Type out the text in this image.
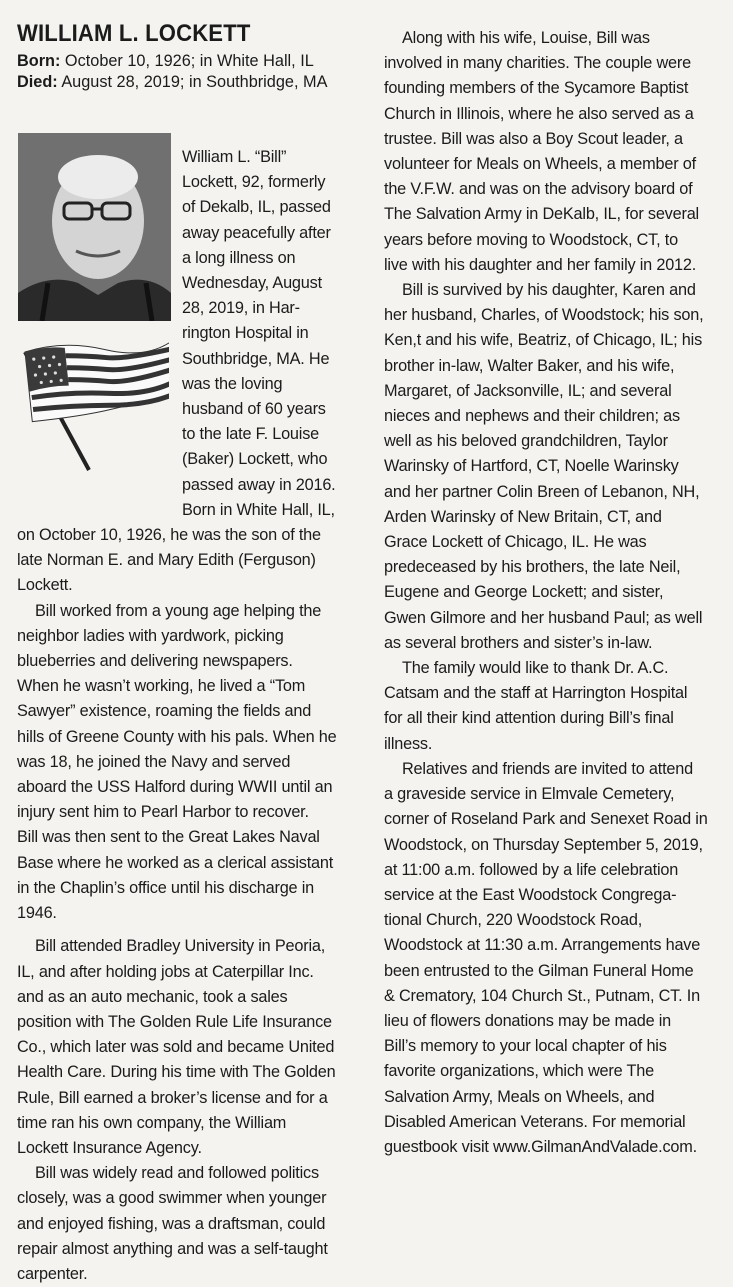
WILLIAM L. LOCKETT
Born: October 10, 1926; in White Hall, IL
Died: August 28, 2019; in Southbridge, MA
William L. “Bill”
Lockett, 92, formerly
of Dekalb, IL, passed
away peacefully after
a long illness on
Wednesday, August
28, 2019, in Har-
rington Hospital in
Southbridge, MA. He
was the loving
husband of 60 years
to the late F. Louise
(Baker) Lockett, who
passed away in 2016.
Born in White Hall, IL,
on October 10, 1926, he was the son of the
late Norman E. and Mary Edith (Ferguson)
Lockett.
Bill worked from a young age helping the
neighbor ladies with yardwork, picking
blueberries and delivering newspapers.
When he wasn’t working, he lived a “Tom
Sawyer” existence, roaming the fields and
hills of Greene County with his pals. When he
was 18, he joined the Navy and served
aboard the USS Halford during WWII until an
injury sent him to Pearl Harbor to recover.
Bill was then sent to the Great Lakes Naval
Base where he worked as a clerical assistant
in the Chaplin’s office until his discharge in
1946.
Bill attended Bradley University in Peoria,
IL, and after holding jobs at Caterpillar Inc.
and as an auto mechanic, took a sales
position with The Golden Rule Life Insurance
Co., which later was sold and became United
Health Care. During his time with The Golden
Rule, Bill earned a broker’s license and for a
time ran his own company, the William
Lockett Insurance Agency.
Bill was widely read and followed politics
closely, was a good swimmer when younger
and enjoyed fishing, was a draftsman, could
repair almost anything and was a self-taught
carpenter.
Along with his wife, Louise, Bill was
involved in many charities. The couple were
founding members of the Sycamore Baptist
Church in Illinois, where he also served as a
trustee. Bill was also a Boy Scout leader, a
volunteer for Meals on Wheels, a member of
the V.F.W. and was on the advisory board of
The Salvation Army in DeKalb, IL, for several
years before moving to Woodstock, CT, to
live with his daughter and her family in 2012.
Bill is survived by his daughter, Karen and
her husband, Charles, of Woodstock; his son,
Ken,t and his wife, Beatriz, of Chicago, IL; his
brother in-law, Walter Baker, and his wife,
Margaret, of Jacksonville, IL; and several
nieces and nephews and their children; as
well as his beloved grandchildren, Taylor
Warinsky of Hartford, CT, Noelle Warinsky
and her partner Colin Breen of Lebanon, NH,
Arden Warinsky of New Britain, CT, and
Grace Lockett of Chicago, IL. He was
predeceased by his brothers, the late Neil,
Eugene and George Lockett; and sister,
Gwen Gilmore and her husband Paul; as well
as several brothers and sister’s in-law.
The family would like to thank Dr. A.C.
Catsam and the staff at Harrington Hospital
for all their kind attention during Bill’s final
illness.
Relatives and friends are invited to attend
a graveside service in Elmvale Cemetery,
corner of Roseland Park and Senexet Road in
Woodstock, on Thursday September 5, 2019,
at 11:00 a.m. followed by a life celebration
service at the East Woodstock Congrega-
tional Church, 220 Woodstock Road,
Woodstock at 11:30 a.m. Arrangements have
been entrusted to the Gilman Funeral Home
& Crematory, 104 Church St., Putnam, CT. In
lieu of flowers donations may be made in
Bill’s memory to your local chapter of his
favorite organizations, which were The
Salvation Army, Meals on Wheels, and
Disabled American Veterans. For memorial
guestbook visit www.GilmanAndValade.com.
